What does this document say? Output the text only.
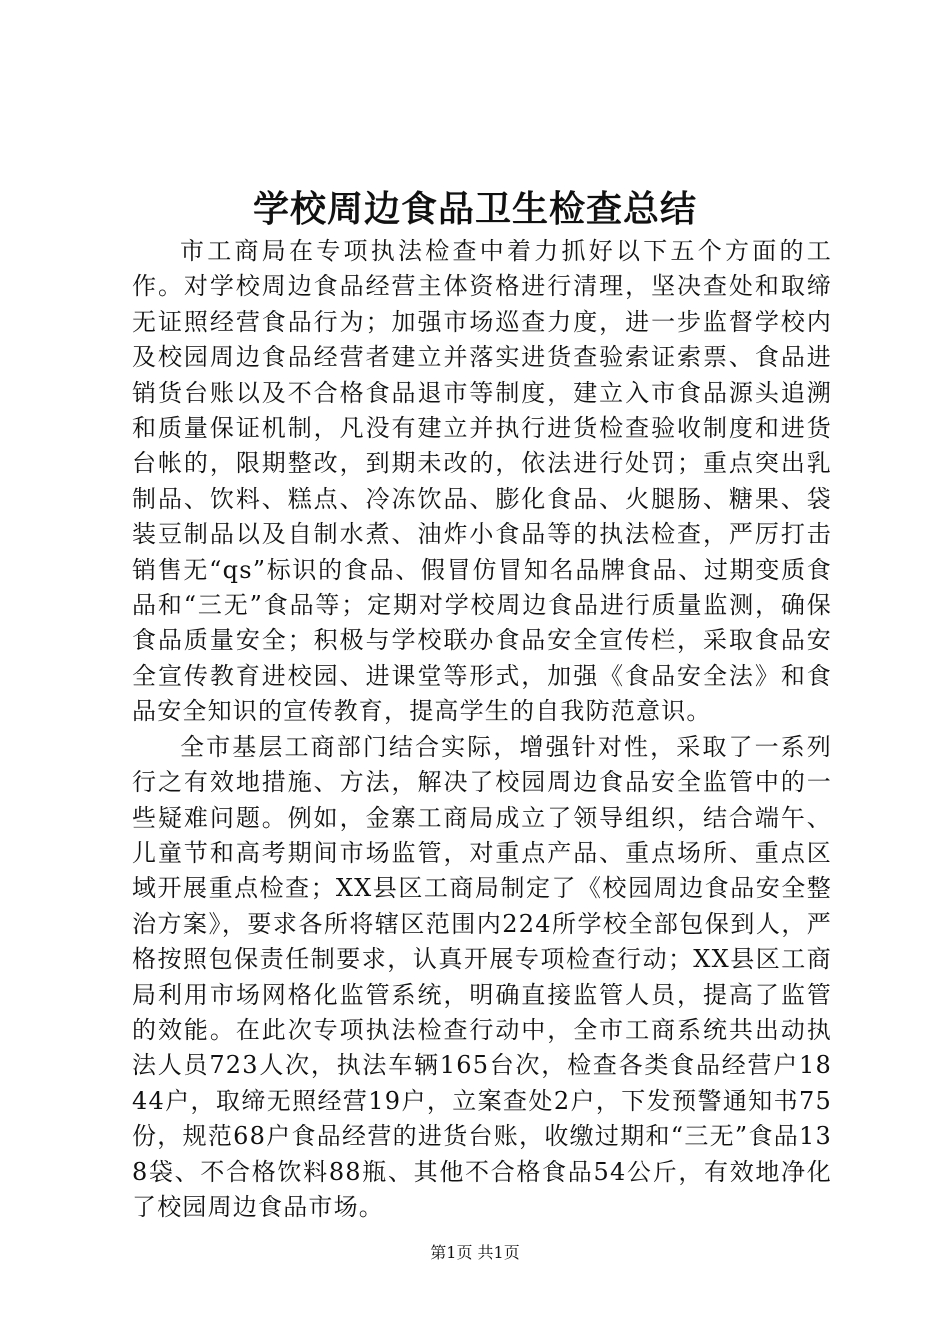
学校周边食品卫生检查总结

市工商局在专项执法检查中着力抓好以下五个方面的工作。对学校周边食品经营主体资格进行清理，坚决查处和取缔无证照经营食品行为；加强市场巡查力度，进一步监督学校内及校园周边食品经营者建立并落实进货查验索证索票、食品进销货台账以及不合格食品退市等制度，建立入市食品源头追溯和质量保证机制，凡没有建立并执行进货检查验收制度和进货台帐的，限期整改，到期未改的，依法进行处罚；重点突出乳制品、饮料、糕点、冷冻饮品、膨化食品、火腿肠、糖果、袋装豆制品以及自制水煮、油炸小食品等的执法检查，严厉打击销售无“qs”标识的食品、假冒仿冒知名品牌食品、过期变质食品和“三无”食品等；定期对学校周边食品进行质量监测，确保食品质量安全；积极与学校联办食品安全宣传栏，采取食品安全宣传教育进校园、进课堂等形式，加强《食品安全法》和食品安全知识的宣传教育，提高学生的自我防范意识。

全市基层工商部门结合实际，增强针对性，采取了一系列行之有效地措施、方法，解决了校园周边食品安全监管中的一些疑难问题。例如，金寨工商局成立了领导组织，结合端午、儿童节和高考期间市场监管，对重点产品、重点场所、重点区域开展重点检查；XX县区工商局制定了《校园周边食品安全整治方案》，要求各所将辖区范围内224所学校全部包保到人，严格按照包保责任制要求，认真开展专项检查行动；XX县区工商局利用市场网格化监管系统，明确直接监管人员，提高了监管的效能。在此次专项执法检查行动中，全市工商系统共出动执法人员723人次，执法车辆165台次，检查各类食品经营户1844户，取缔无照经营19户，立案查处2户，下发预警通知书75份，规范68户食品经营的进货台账，收缴过期和“三无”食品138袋、不合格饮料88瓶、其他不合格食品54公斤，有效地净化了校园周边食品市场。

第1页 共1页
